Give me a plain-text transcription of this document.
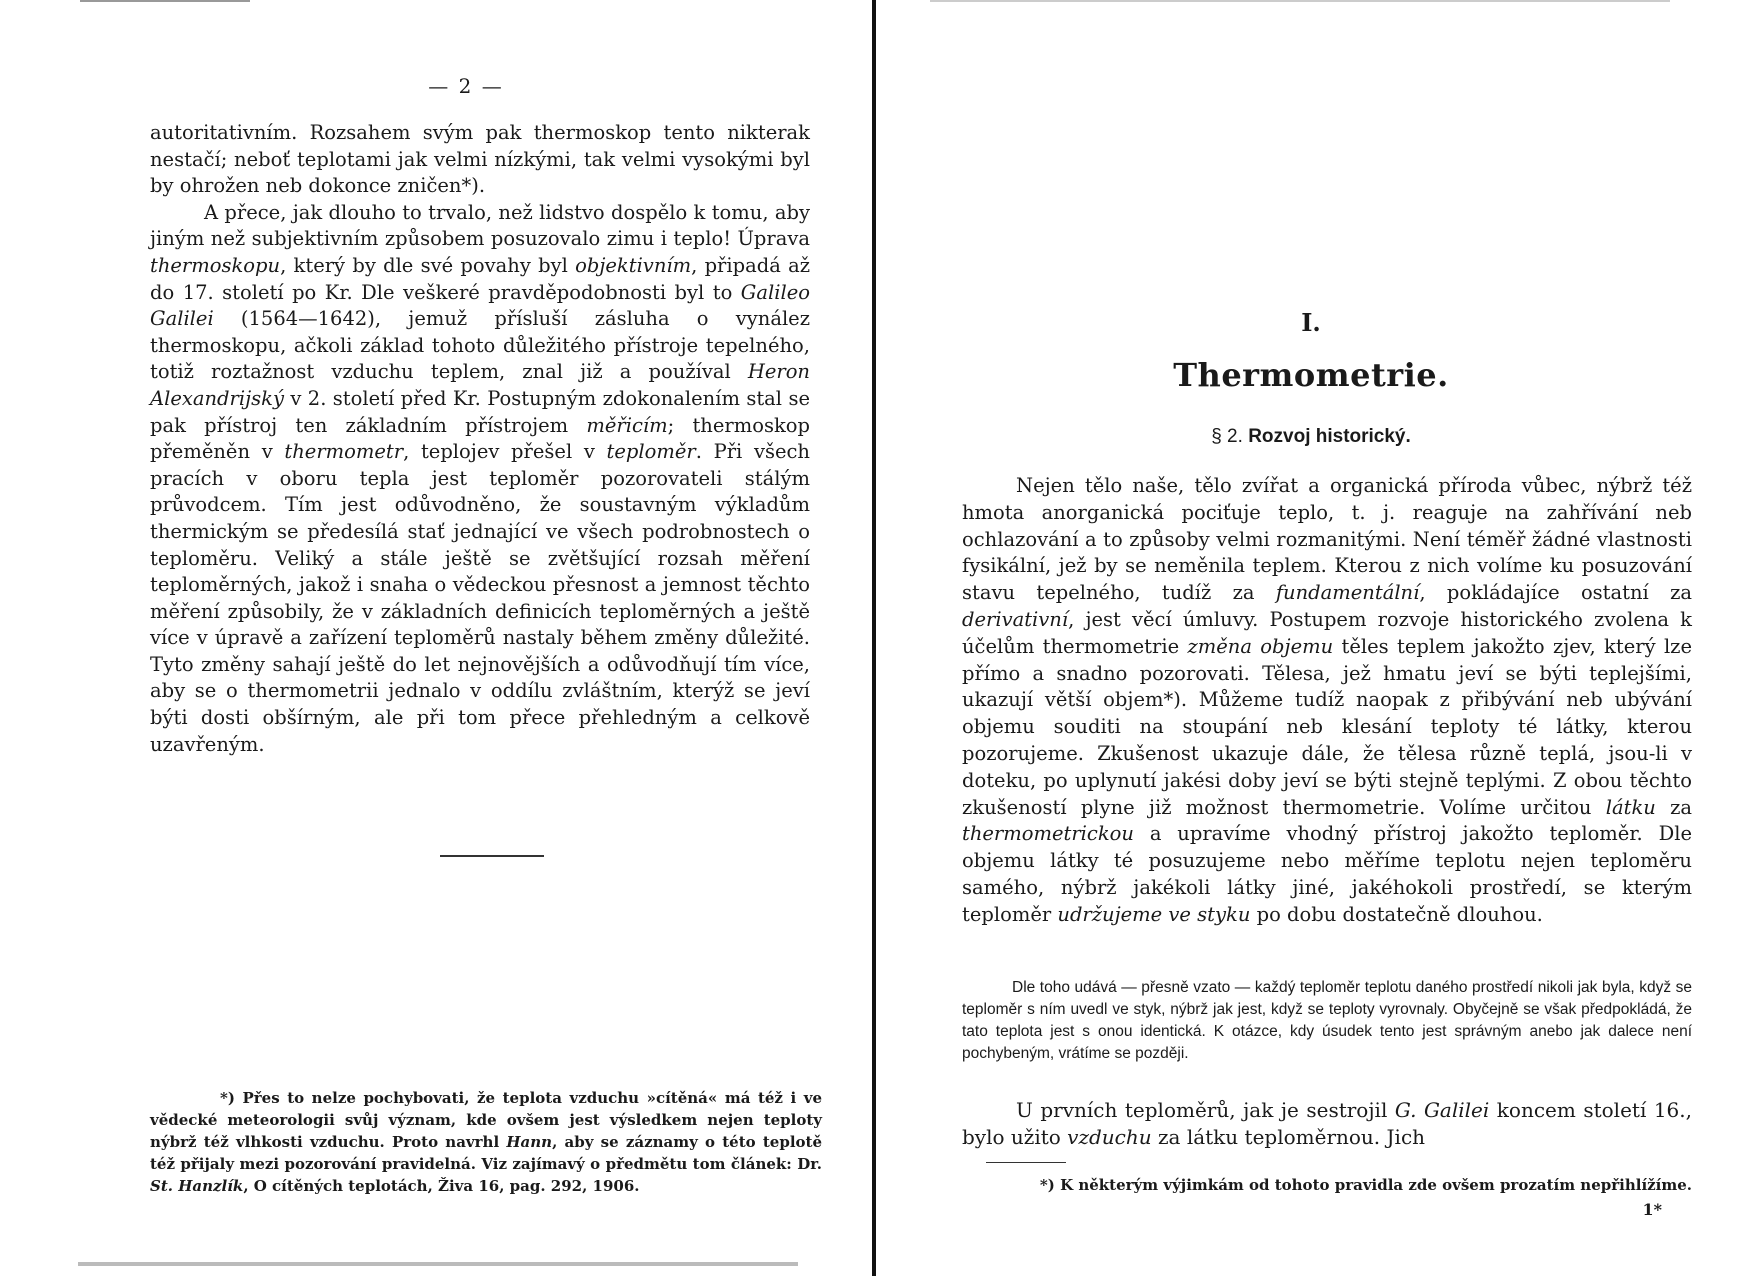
— 2 —

autoritativním. Rozsahem svým pak thermoskop tento nikterak nestačí; neboť teplotami jak velmi nízkými, tak velmi vysokými byl by ohrožen neb dokonce zničen*).

A přece, jak dlouho to trvalo, než lidstvo dospělo k tomu, aby jiným než subjektivním způsobem posuzovalo zimu i teplo! Úprava thermoskopu, který by dle své povahy byl objektivním, připadá až do 17. století po Kr. Dle veškeré pravděpodobnosti byl to Galileo Galilei (1564—1642), jemuž přísluší zásluha o vynález thermoskopu, ačkoli základ tohoto důležitého přístroje tepelného, totiž roztažnost vzduchu teplem, znal již a používal Heron Alexandrijský v 2. století před Kr. Postupným zdokonalením stal se pak přístroj ten základním přístrojem měřicím; thermoskop přeměněn v thermometr, teplojev přešel v teploměr. Při všech pracích v oboru tepla jest teploměr pozorovateli stálým průvodcem. Tím jest odůvodněno, že soustavným výkladům thermickým se předesílá stať jednající ve všech podrobnostech o teploměru. Veliký a stále ještě se zvětšující rozsah měření teploměrných, jakož i snaha o vědeckou přesnost a jemnost těchto měření způsobily, že v základních definicích teploměrných a ještě více v úpravě a zařízení teploměrů nastaly během změny důležité. Tyto změny sahají ještě do let nejnovějších a odůvodňují tím více, aby se o thermometrii jednalo v oddílu zvláštním, kterýž se jeví býti dosti obšírným, ale při tom přece přehledným a celkově uzavřeným.

*) Přes to nelze pochybovati, že teplota vzduchu »cítěná« má též i ve vědecké meteorologii svůj význam, kde ovšem jest výsledkem nejen teploty nýbrž též vlhkosti vzduchu. Proto navrhl Hann, aby se záznamy o této teplotě též přijaly mezi pozorování pravidelná. Viz zajímavý o předmětu tom článek: Dr. St. Hanzlík, O cítěných teplotách, Živa 16, pag. 292, 1906.

I.
Thermometrie.
§ 2. Rozvoj historický.

Nejen tělo naše, tělo zvířat a organická příroda vůbec, nýbrž též hmota anorganická pociťuje teplo, t. j. reaguje na zahřívání neb ochlazování a to způsoby velmi rozmanitými. Není téměř žádné vlastnosti fysikální, jež by se neměnila teplem. Kterou z nich volíme ku posuzování stavu tepelného, tudíž za fundamentální, pokládajíce ostatní za derivativní, jest věcí úmluvy. Postupem rozvoje historického zvolena k účelům thermometrie změna objemu těles teplem jakožto zjev, který lze přímo a snadno pozorovati. Tělesa, jež hmatu jeví se býti teplejšími, ukazují větší objem*). Můžeme tudíž naopak z přibývání neb ubývání objemu souditi na stoupání neb klesání teploty té látky, kterou pozorujeme. Zkušenost ukazuje dále, že tělesa různě teplá, jsou-li v doteku, po uplynutí jakési doby jeví se býti stejně teplými. Z obou těchto zkušeností plyne již možnost thermometrie. Volíme určitou látku za thermometrickou a upravíme vhodný přístroj jakožto teploměr. Dle objemu látky té posuzujeme nebo měříme teplotu nejen teploměru samého, nýbrž jakékoli látky jiné, jakéhokoli prostředí, se kterým teploměr udržujeme ve styku po dobu dostatečně dlouhou.

Dle toho udává — přesně vzato — každý teploměr teplotu daného prostředí nikoli jak byla, když se teploměr s ním uvedl ve styk, nýbrž jak jest, když se teploty vyrovnaly. Obyčejně se však předpokládá, že tato teplota jest s onou identická. K otázce, kdy úsudek tento jest správným anebo jak dalece není pochybeným, vrátíme se později.

U prvních teploměrů, jak je sestrojil G. Galilei koncem století 16., bylo užito vzduchu za látku teploměrnou. Jich

*) K některým výjimkám od tohoto pravidla zde ovšem prozatím nepřihlížíme.
1*
